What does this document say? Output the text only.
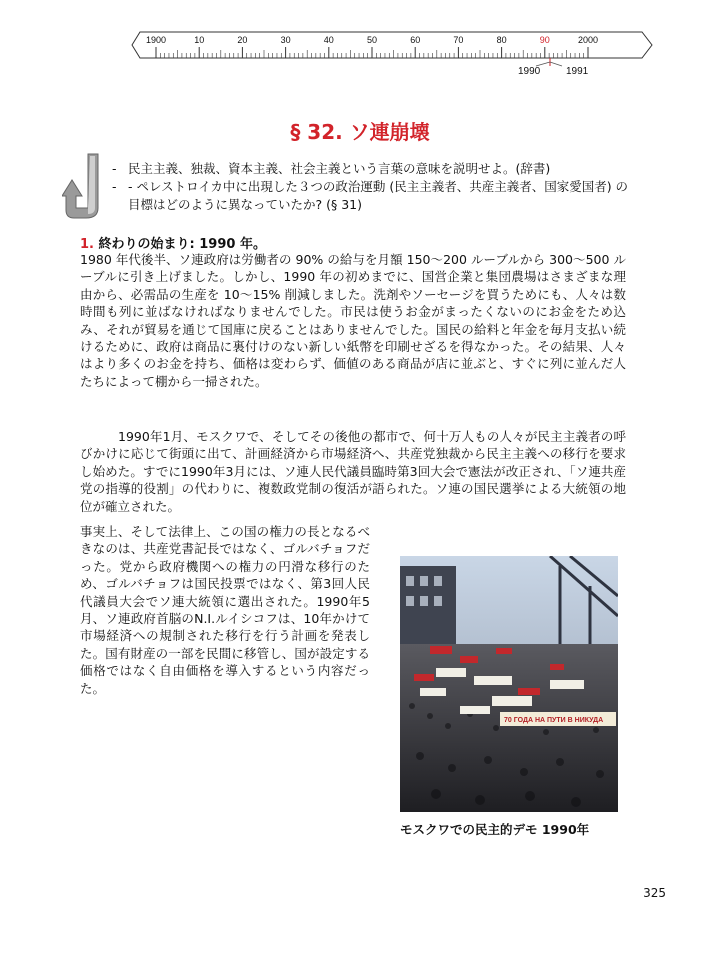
1900	10	20	30	40	50	60	70	80	90	2000
1990	1991
§ 32. ソ連崩壊
- 民主主義、独裁、資本主義、社会主義という言葉の意味を説明せよ。(辞書)
- - ペレストロイカ中に出現した３つの政治運動 (民主主義者、共産主義者、国家愛国者) の目標はどのように異なっていたか? (§ 31)
1. 終わりの始まり: 1990 年。

1980 年代後半、ソ連政府は労働者の 90% の給与を月額 150〜200 ルーブルから 300〜500 ルーブルに引き上げました。しかし、1990 年の初めまでに、国営企業と集団農場はさまざまな理由から、必需品の生産を 10〜15% 削減しました。洗剤やソーセージを買うためにも、人々は数時間も列に並ばなければなりませんでした。市民は使うお金がまったくないのにお金をため込み、それが貿易を通じて国庫に戻ることはありませんでした。国民の給料と年金を毎月支払い続けるために、政府は商品に裏付けのない新しい紙幣を印刷せざるを得なかった。その結果、人々はより多くのお金を持ち、価格は変わらず、価値のある商品が店に並ぶと、すぐに列に並んだ人たちによって棚から一掃された。

1990年1月、モスクワで、そしてその後他の都市で、何十万人もの人々が民主主義者の呼びかけに応じて街頭に出て、計画経済から市場経済へ、共産党独裁から民主主義への移行を要求し始めた。すでに1990年3月には、ソ連人民代議員臨時第3回大会で憲法が改正され、「ソ連共産党の指導的役割」の代わりに、複数政党制の復活が語られた。ソ連の国民選挙による大統領の地位が確立された。

事実上、そして法律上、この国の権力の長となるべきなのは、共産党書記長ではなく、ゴルバチョフだった。党から政府機関への権力の円滑な移行のため、ゴルバチョフは国民投票ではなく、第3回人民代議員大会でソ連大統領に選出された。1990年5月、ソ連政府首脳のN.I.ルイシコフは、10年かけて市場経済への規制された移行を行う計画を発表した。国有財産の一部を民間に移管し、国が設定する価格ではなく自由価格を導入するという内容だった。

70 ГОДА НА ПУТИ В НИКУДА

モスクワでの民主的デモ 1990年

325
